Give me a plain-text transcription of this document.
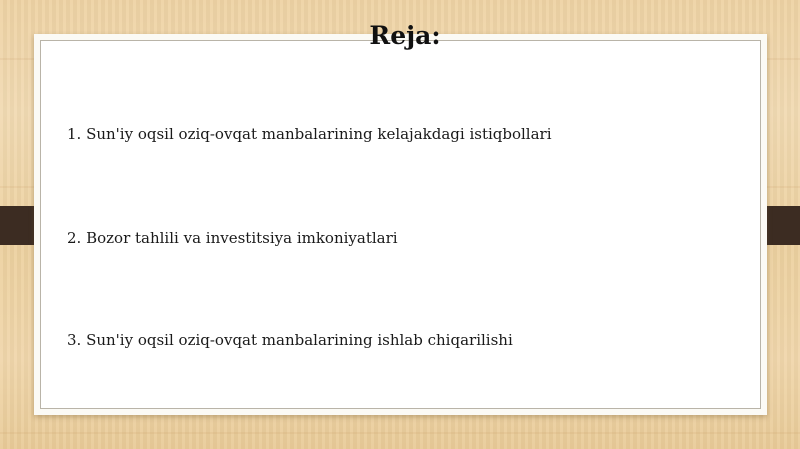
Reja:
1. Sun'iy oqsil oziq-ovqat manbalarining kelajakdagi istiqbollari
2. Bozor tahlili va investitsiya imkoniyatlari
3. Sun'iy oqsil oziq-ovqat manbalarining ishlab chiqarilishi
